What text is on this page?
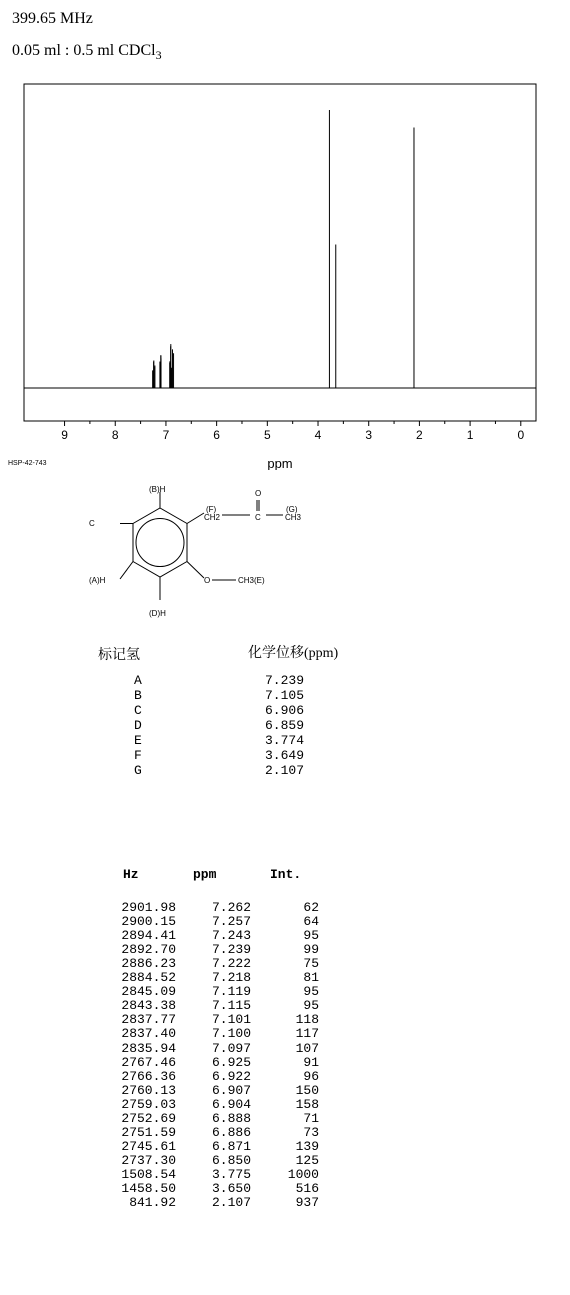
399.65 MHz
0.05 ml : 0.5 ml CDCl$_3$
9	8	7	6	5	4	3	2	1	0
ppm
HSP-42-743
(B)H
C
(A)H
(D)H
(F)
CH2	C
O
(G)
CH3
O	CH3(E)
标记氢	化学位移(ppm)
A	7.239
B	7.105
C	6.906
D	6.859
E	3.774
F	3.649
G	2.107
Hz	ppm	Int.
2901.98	7.262	62
2900.15	7.257	64
2894.41	7.243	95
2892.70	7.239	99
2886.23	7.222	75
2884.52	7.218	81
2845.09	7.119	95
2843.38	7.115	95
2837.77	7.101	118
2837.40	7.100	117
2835.94	7.097	107
2767.46	6.925	91
2766.36	6.922	96
2760.13	6.907	150
2759.03	6.904	158
2752.69	6.888	71
2751.59	6.886	73
2745.61	6.871	139
2737.30	6.850	125
1508.54	3.775	1000
1458.50	3.650	516
841.92	2.107	937
